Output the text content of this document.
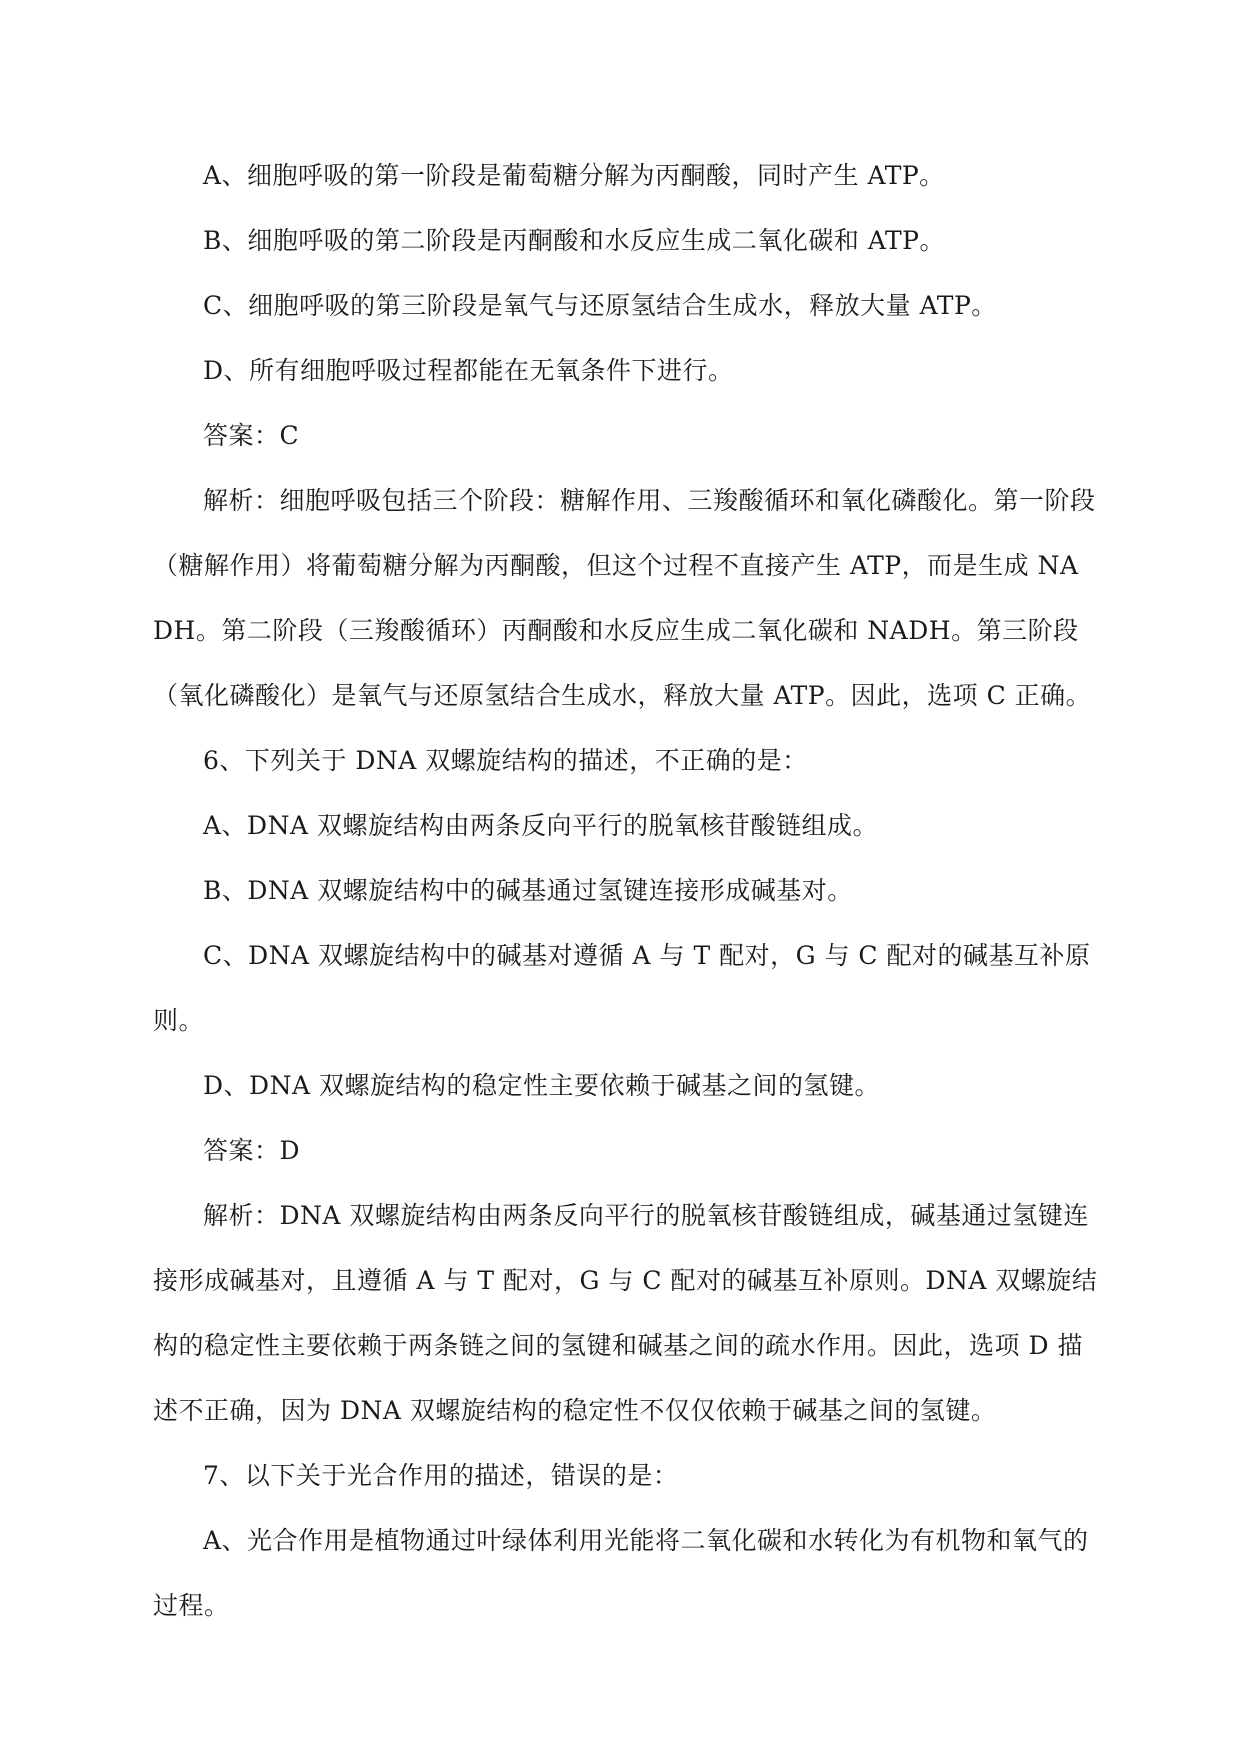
A、细胞呼吸的第一阶段是葡萄糖分解为丙酮酸，同时产生 ATP。

B、细胞呼吸的第二阶段是丙酮酸和水反应生成二氧化碳和 ATP。

C、细胞呼吸的第三阶段是氧气与还原氢结合生成水，释放大量 ATP。

D、所有细胞呼吸过程都能在无氧条件下进行。

答案：C

解析：细胞呼吸包括三个阶段：糖解作用、三羧酸循环和氧化磷酸化。第一阶段（糖解作用）将葡萄糖分解为丙酮酸，但这个过程不直接产生 ATP，而是生成 NADH。第二阶段（三羧酸循环）丙酮酸和水反应生成二氧化碳和 NADH。第三阶段（氧化磷酸化）是氧气与还原氢结合生成水，释放大量 ATP。因此，选项 C 正确。

6、下列关于 DNA 双螺旋结构的描述，不正确的是：

A、DNA 双螺旋结构由两条反向平行的脱氧核苷酸链组成。

B、DNA 双螺旋结构中的碱基通过氢键连接形成碱基对。

C、DNA 双螺旋结构中的碱基对遵循 A 与 T 配对，G 与 C 配对的碱基互补原则。

D、DNA 双螺旋结构的稳定性主要依赖于碱基之间的氢键。

答案：D

解析：DNA 双螺旋结构由两条反向平行的脱氧核苷酸链组成，碱基通过氢键连接形成碱基对，且遵循 A 与 T 配对，G 与 C 配对的碱基互补原则。DNA 双螺旋结构的稳定性主要依赖于两条链之间的氢键和碱基之间的疏水作用。因此，选项 D 描述不正确，因为 DNA 双螺旋结构的稳定性不仅仅依赖于碱基之间的氢键。

7、以下关于光合作用的描述，错误的是：

A、光合作用是植物通过叶绿体利用光能将二氧化碳和水转化为有机物和氧气的过程。
